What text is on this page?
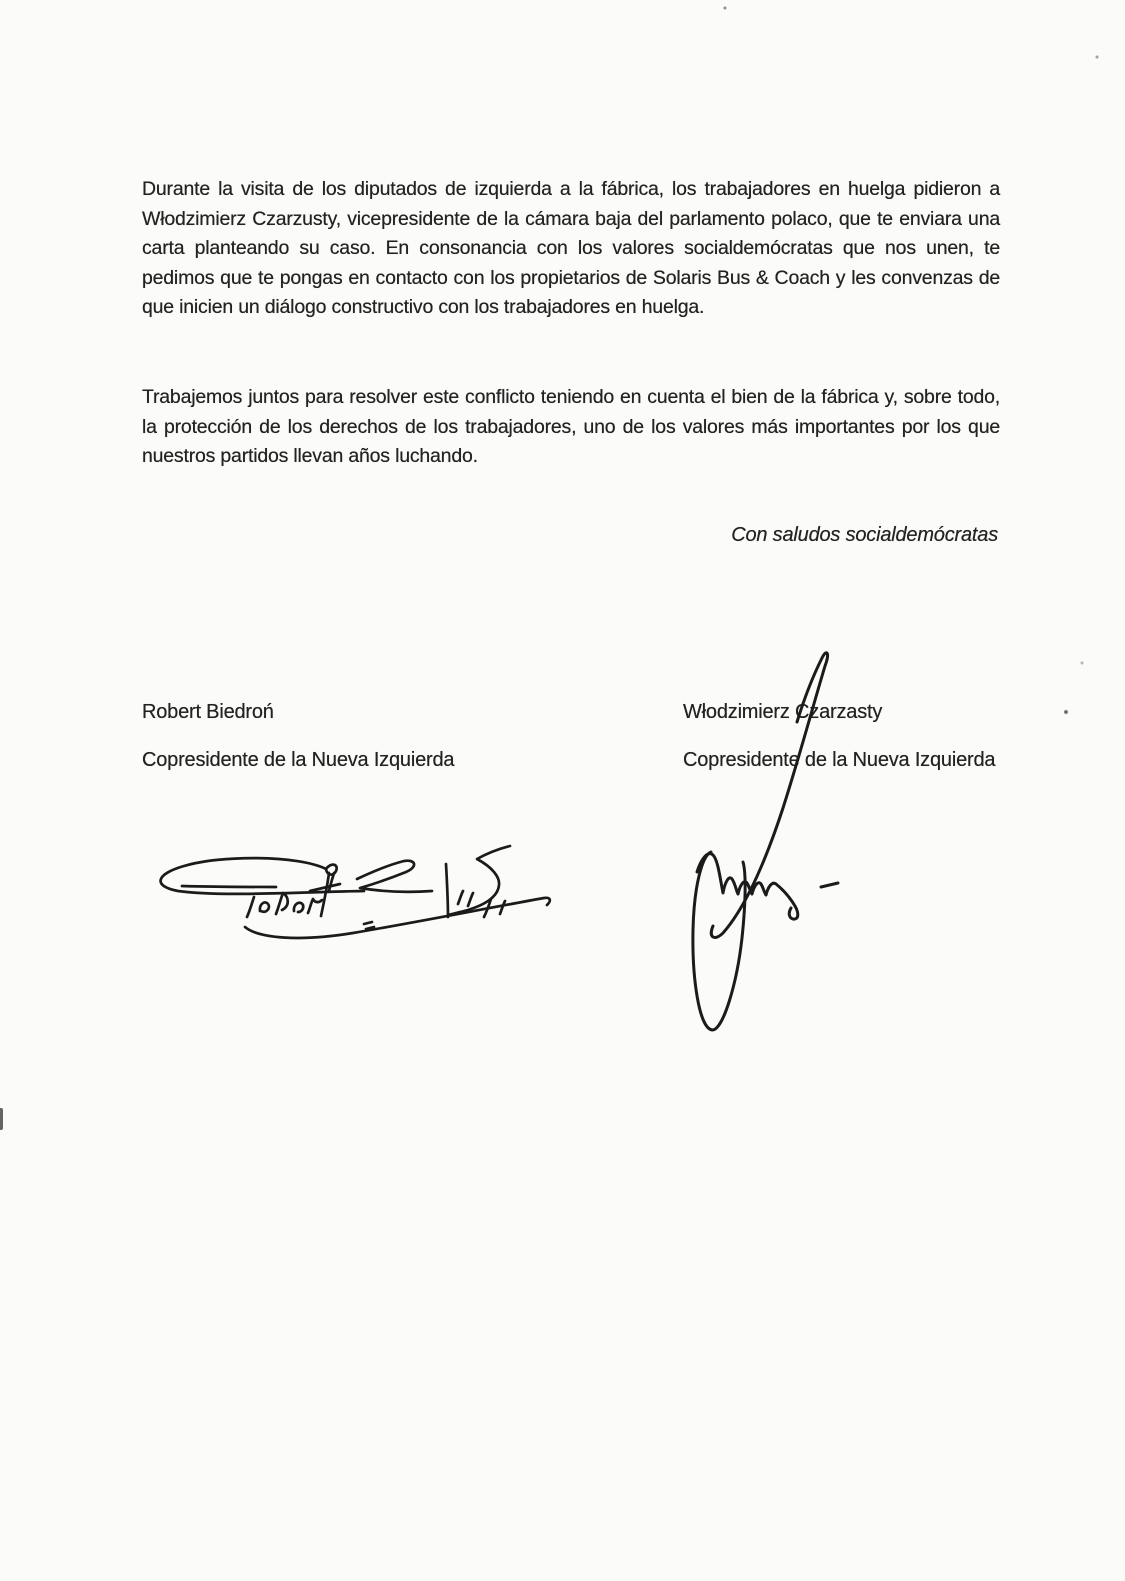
Durante la visita de los diputados de izquierda a la fábrica, los trabajadores en huelga pidieron a Włodzimierz Czarzusty, vicepresidente de la cámara baja del parlamento polaco, que te enviara una carta planteando su caso. En consonancia con los valores socialdemócratas que nos unen, te pedimos que te pongas en contacto con los propietarios de Solaris Bus & Coach y les convenzas de que inicien un diálogo constructivo con los trabajadores en huelga.

Trabajemos juntos para resolver este conflicto teniendo en cuenta el bien de la fábrica y, sobre todo, la protección de los derechos de los trabajadores, uno de los valores más importantes por los que nuestros partidos llevan años luchando.

Con saludos socialdemócratas
Robert Biedroń
Copresidente de la Nueva Izquierda
Włodzimierz Czarzasty
Copresidente de la Nueva Izquierda
